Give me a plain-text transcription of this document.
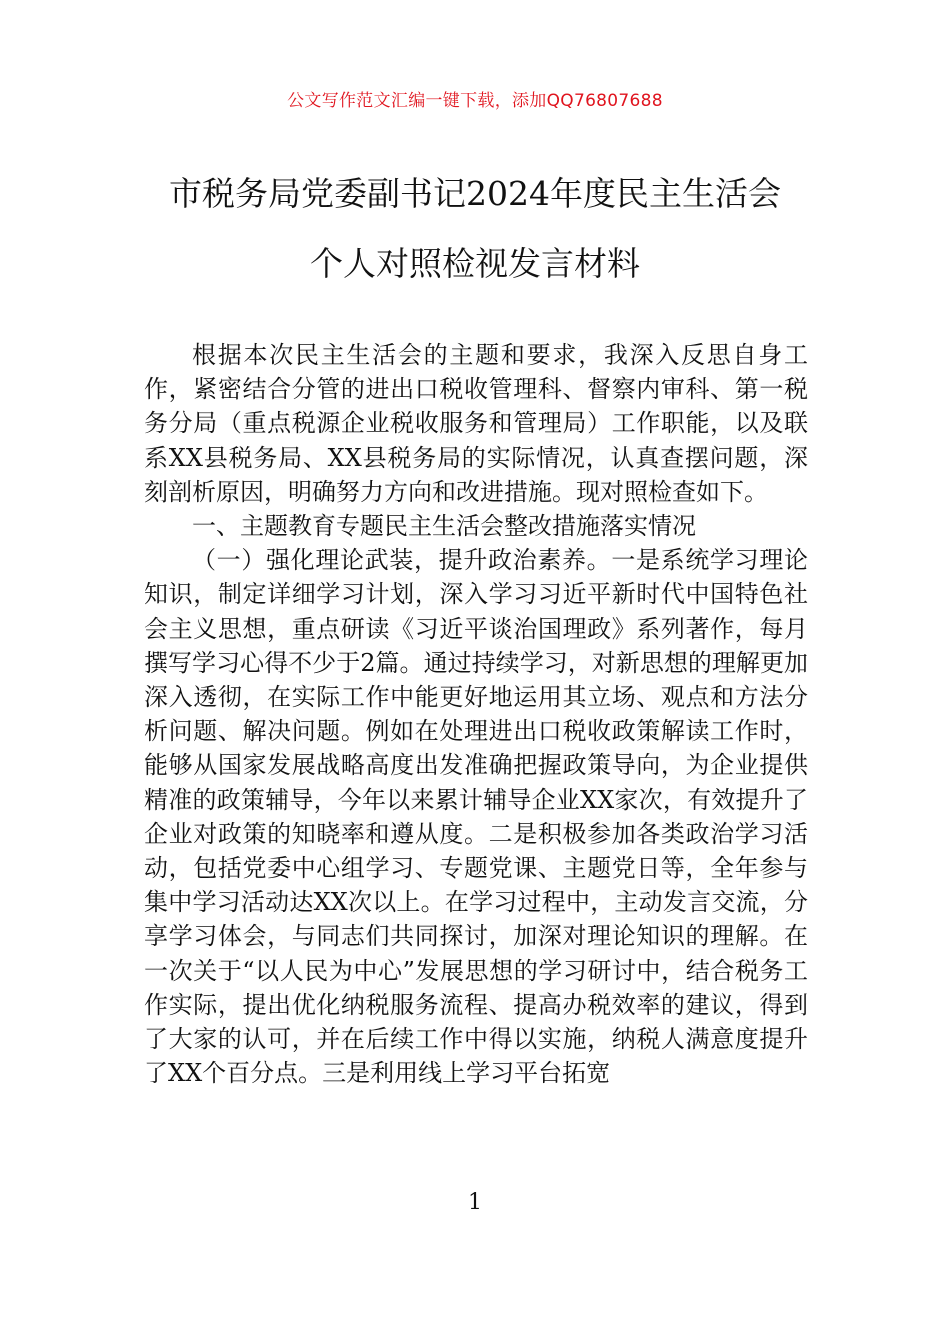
公文写作范文汇编一键下载，添加QQ76807688
市税务局党委副书记2024年度民主生活会
个人对照检视发言材料

根据本次民主生活会的主题和要求，我深入反思自身工作，紧密结合分管的进出口税收管理科、督察内审科、第一税务分局（重点税源企业税收服务和管理局）工作职能，以及联系XX县税务局、XX县税务局的实际情况，认真查摆问题，深刻剖析原因，明确努力方向和改进措施。现对照检查如下。

一、主题教育专题民主生活会整改措施落实情况

（一）强化理论武装，提升政治素养。一是系统学习理论知识，制定详细学习计划，深入学习习近平新时代中国特色社会主义思想，重点研读《习近平谈治国理政》系列著作，每月撰写学习心得不少于2篇。通过持续学习，对新思想的理解更加深入透彻，在实际工作中能更好地运用其立场、观点和方法分析问题、解决问题。例如在处理进出口税收政策解读工作时，能够从国家发展战略高度出发准确把握政策导向，为企业提供精准的政策辅导，今年以来累计辅导企业XX家次，有效提升了企业对政策的知晓率和遵从度。二是积极参加各类政治学习活动，包括党委中心组学习、专题党课、主题党日等，全年参与集中学习活动达XX次以上。在学习过程中，主动发言交流，分享学习体会，与同志们共同探讨，加深对理论知识的理解。在一次关于“以人民为中心”发展思想的学习研讨中，结合税务工作实际，提出优化纳税服务流程、提高办税效率的建议，得到了大家的认可，并在后续工作中得以实施，纳税人满意度提升了XX个百分点。三是利用线上学习平台拓宽

1
